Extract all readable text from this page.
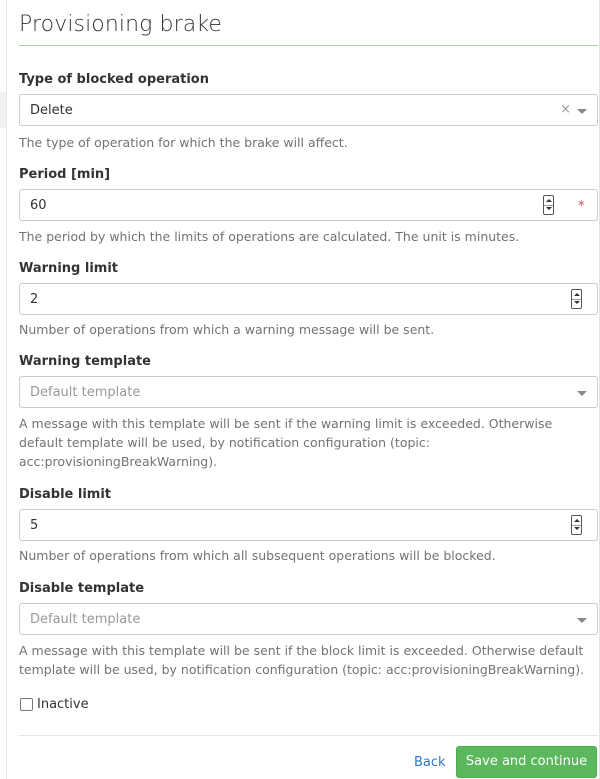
Provisioning brake
Type of blocked operation
Delete	×
The type of operation for which the brake will affect.
Period [min]
60	*
The period by which the limits of operations are calculated. The unit is minutes.
Warning limit
2
Number of operations from which a warning message will be sent.
Warning template
Default template
A message with this template will be sent if the warning limit is exceeded. Otherwise
default template will be used, by notification configuration (topic:
acc:provisioningBreakWarning).
Disable limit
5
Number of operations from which all subsequent operations will be blocked.
Disable template
Default template
A message with this template will be sent if the block limit is exceeded. Otherwise default
template will be used, by notification configuration (topic: acc:provisioningBreakWarning).
Inactive
Back	Save and continue
